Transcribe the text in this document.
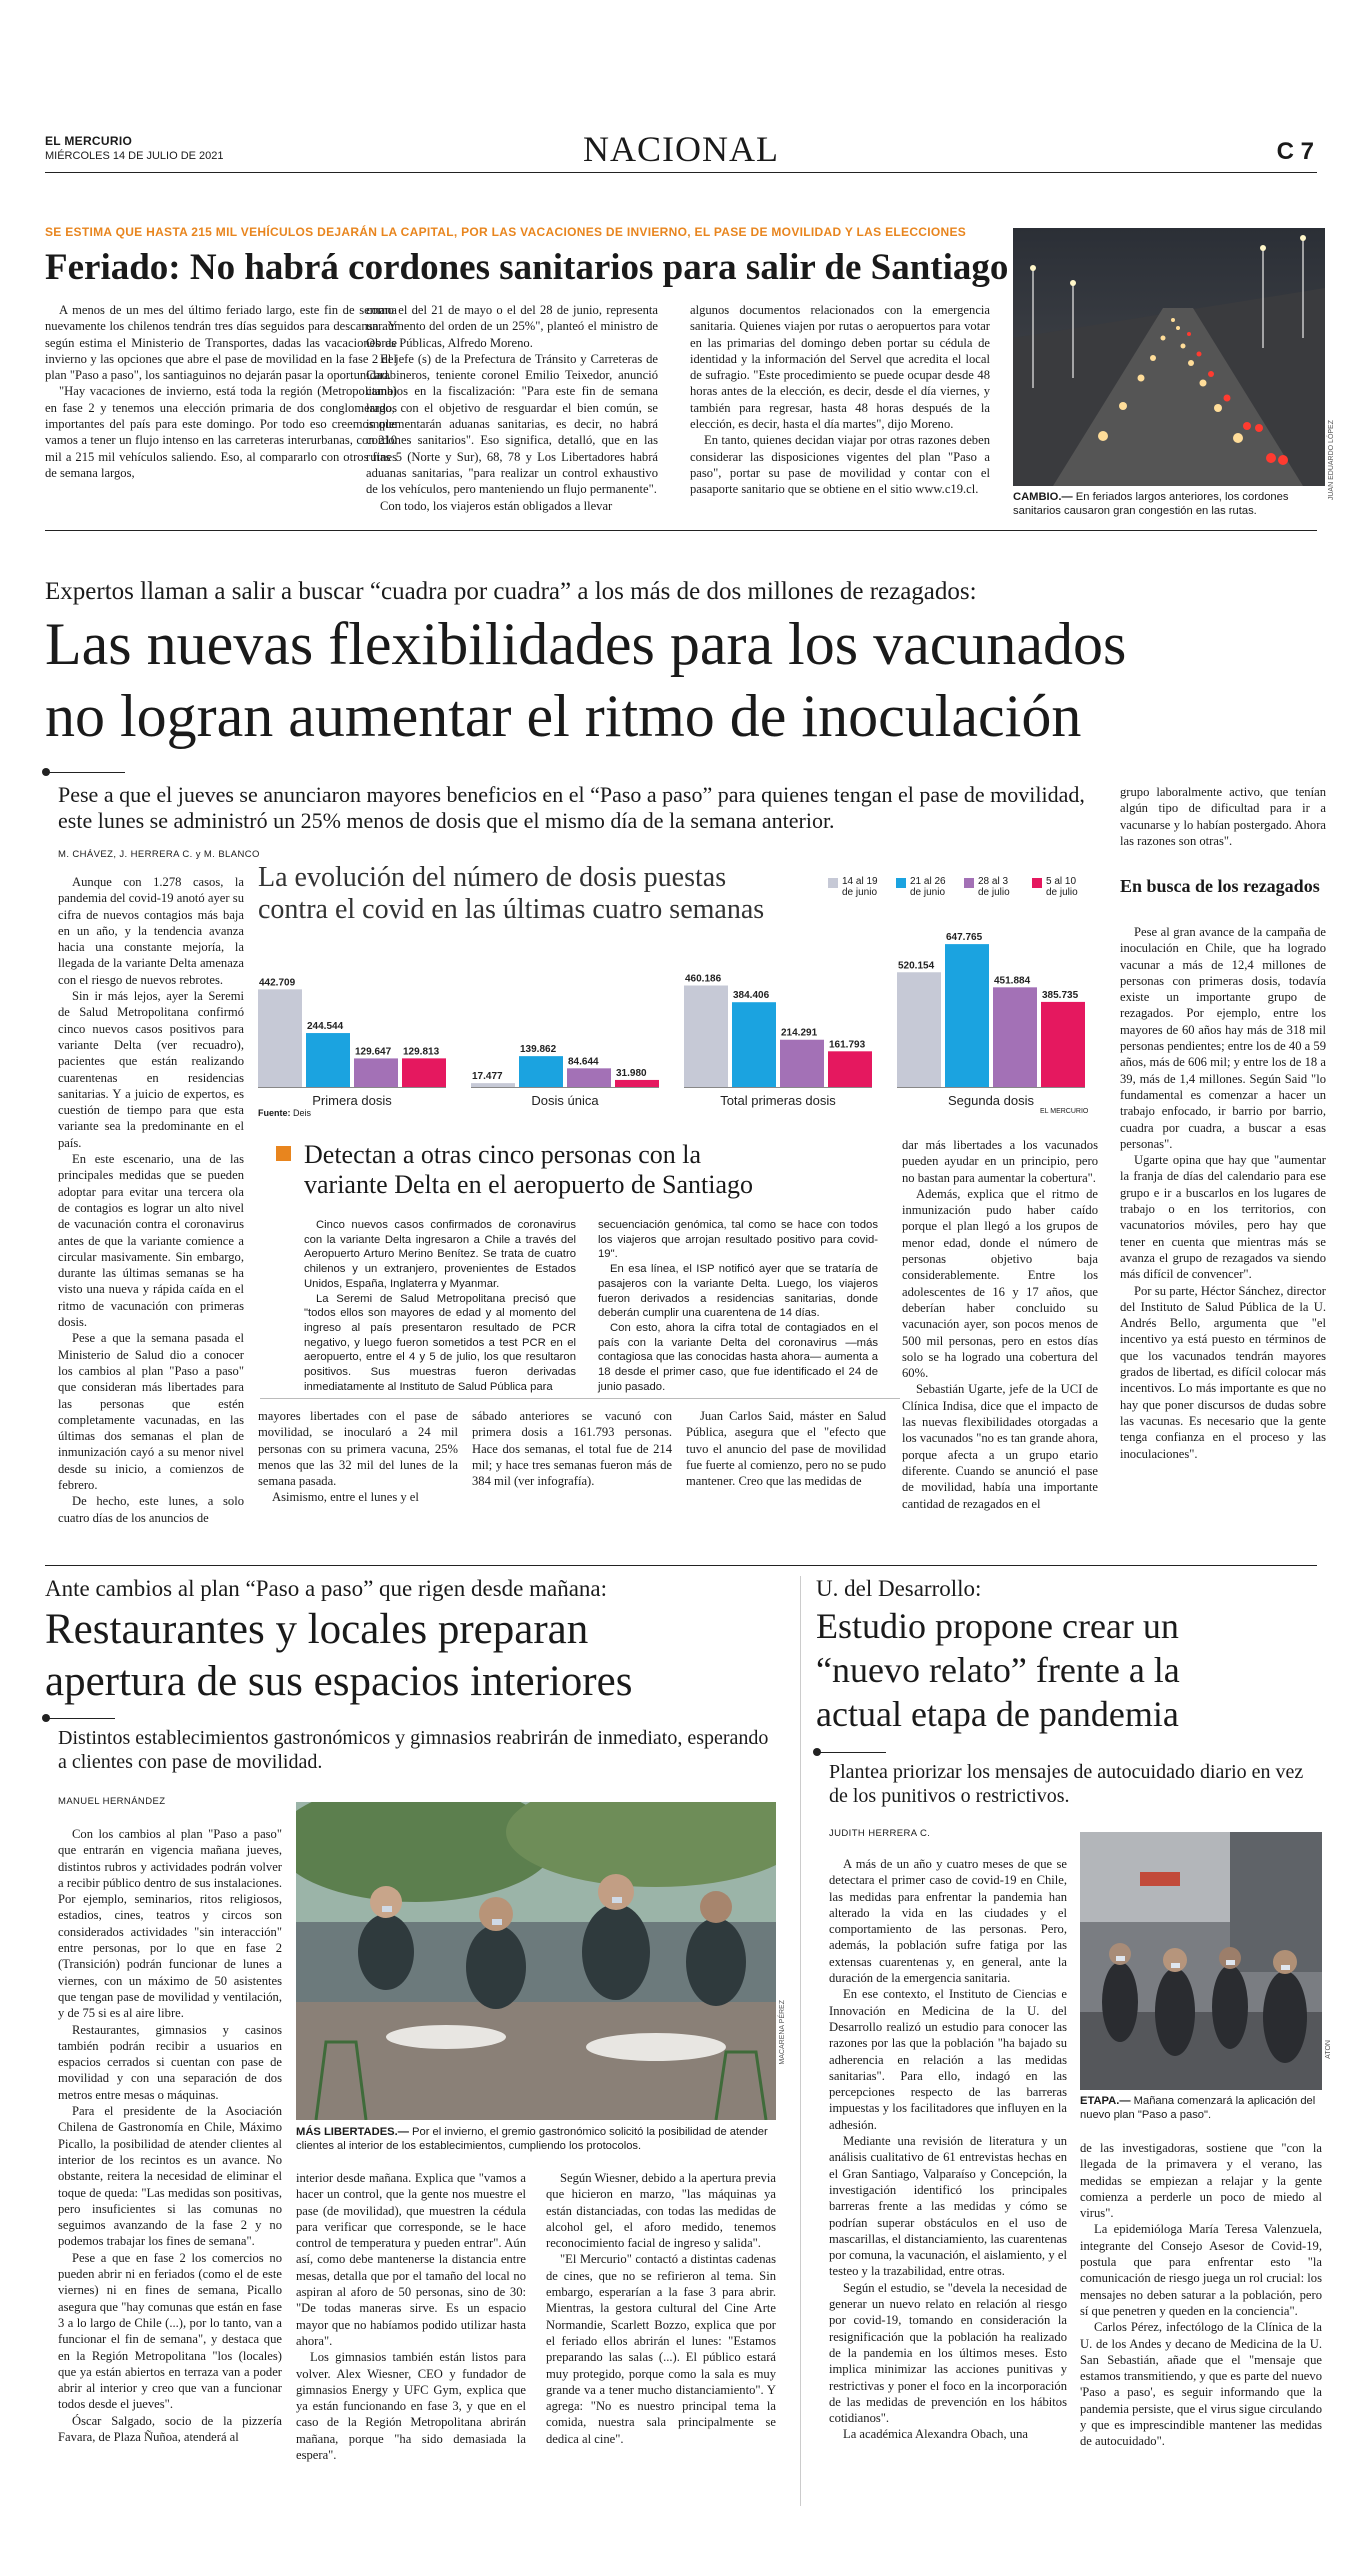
EL MERCURIO
MIÉRCOLES 14 DE JULIO DE 2021	NACIONAL	C 7
SE ESTIMA QUE HASTA 215 MIL VEHÍCULOS DEJARÁN LA CAPITAL, POR LAS VACACIONES DE INVIERNO, EL PASE DE MOVILIDAD Y LAS ELECCIONES
Feriado: No habrá cordones sanitarios para salir de Santiago

A menos de un mes del último feriado largo, este fin de semana nuevamente los chilenos tendrán tres días seguidos para descansar. Y según estima el Ministerio de Transportes, dadas las vacaciones de invierno y las opciones que abre el pase de movilidad en la fase 2 del plan "Paso a paso", los santiaguinos no dejarán pasar la oportunidad.

"Hay vacaciones de invierno, está toda la región (Metropolitana) en fase 2 y tenemos una elección primaria de dos conglomerados importantes del país para este domingo. Por todo eso creemos que vamos a tener un flujo intenso en las carreteras interurbanas, con 210 mil a 215 mil vehículos saliendo. Eso, al compararlo con otros fines de semana largos,

como el del 21 de mayo o el del 28 de junio, representa un aumento del orden de un 25%", planteó el ministro de Obras Públicas, Alfredo Moreno.

El jefe (s) de la Prefectura de Tránsito y Carreteras de Carabineros, teniente coronel Emilio Teixedor, anunció cambios en la fiscalización: "Para este fin de semana largo, con el objetivo de resguardar el bien común, se implementarán aduanas sanitarias, es decir, no habrá cordones sanitarios". Eso significa, detalló, que en las rutas 5 (Norte y Sur), 68, 78 y Los Libertadores habrá aduanas sanitarias, "para realizar un control exhaustivo de los vehículos, pero manteniendo un flujo permanente".

Con todo, los viajeros están obligados a llevar

algunos documentos relacionados con la emergencia sanitaria. Quienes viajen por rutas o aeropuertos para votar en las primarias del domingo deben portar su cédula de identidad y la información del Servel que acredita el local de sufragio. "Este procedimiento se puede ocupar desde 48 horas antes de la elección, es decir, desde el día viernes, y también para regresar, hasta 48 horas después de la elección, es decir, hasta el día martes", dijo Moreno.

En tanto, quienes decidan viajar por otras razones deben considerar las disposiciones vigentes del plan "Paso a paso", portar su pase de movilidad y contar con el pasaporte sanitario que se obtiene en el sitio www.c19.cl.	JUAN EDUARDO LÓPEZ
CAMBIO.— En feriados largos anteriores, los cordones sanitarios causaron gran congestión en las rutas.
Expertos llaman a salir a buscar “cuadra por cuadra” a los más de dos millones de rezagados:
Las nuevas flexibilidades para los vacunados
no logran aumentar el ritmo de inoculación
Pese a que el jueves se anunciaron mayores beneficios en el “Paso a paso” para quienes tengan el pase de movilidad, este lunes se administró un 25% menos de dosis que el mismo día de la semana anterior.
M. CHÁVEZ, J. HERRERA C. y M. BLANCO
La evolución del número de dosis puestas
contra el covid en las últimas cuatro semanas
14 al 19
de junio
21 al 26
de junio
28 al 3
de julio
5 al 10
de julio
442.709
244.544
129.647 129.813
Primera dosis
17.477
139.862
84.644
31.980
Dosis única
460.186
384.406
214.291
161.793
Total primeras dosis
520.154
647.765
451.884
385.735
Segunda dosis
Fuente: Deis	EL MERCURIO

Aunque con 1.278 casos, la pandemia del covid-19 anotó ayer su cifra de nuevos contagios más baja en un año, y la tendencia avanza hacia una constante mejoría, la llegada de la variante Delta amenaza con el riesgo de nuevos rebrotes.

Sin ir más lejos, ayer la Seremi de Salud Metropolitana confirmó cinco nuevos casos positivos para variante Delta (ver recuadro), pacientes que están realizando cuarentenas en residencias sanitarias. Y a juicio de expertos, es cuestión de tiempo para que esta variante sea la predominante en el país.

En este escenario, una de las principales medidas que se pueden adoptar para evitar una tercera ola de contagios es lograr un alto nivel de vacunación contra el coronavirus antes de que la variante comience a circular masivamente. Sin embargo, durante las últimas semanas se ha visto una nueva y rápida caída en el ritmo de vacunación con primeras dosis.

Pese a que la semana pasada el Ministerio de Salud dio a conocer los cambios al plan "Paso a paso" que consideran más libertades para las personas que estén completamente vacunadas, en las últimas dos semanas el plan de inmunización cayó a su menor nivel desde su inicio, a comienzos de febrero.

De hecho, este lunes, a solo cuatro días de los anuncios de

Detectan a otras cinco personas con la
variante Delta en el aeropuerto de Santiago
Cinco nuevos casos confirmados de coronavirus con la variante Delta ingresaron a Chile a través del Aeropuerto Arturo Merino Benítez. Se trata de cuatro chilenos y un extranjero, provenientes de Estados Unidos, España, Inglaterra y Myanmar.
La Seremi de Salud Metropolitana precisó que "todos ellos son mayores de edad y al momento del ingreso al país presentaron resultado de PCR negativo, y luego fueron sometidos a test PCR en el aeropuerto, entre el 4 y 5 de julio, los que resultaron positivos. Sus muestras fueron derivadas inmediatamente al Instituto de Salud Pública para
secuenciación genómica, tal como se hace con todos los viajeros que arrojan resultado positivo para covid-19".
En esa línea, el ISP notificó ayer que se trataría de pasajeros con la variante Delta. Luego, los viajeros fueron derivados a residencias sanitarias, donde deberán cumplir una cuarentena de 14 días.
Con esto, ahora la cifra total de contagiados en el país con la variante Delta del coronavirus —más contagiosa que las conocidas hasta ahora— aumenta a 18 desde el primer caso, que fue identificado el 24 de junio pasado.

mayores libertades con el pase de movilidad, se inocularó a 24 mil personas con su primera vacuna, 25% menos que las 32 mil del lunes de la semana pasada.

Asimismo, entre el lunes y el

sábado anteriores se vacunó con primera dosis a 161.793 personas. Hace dos semanas, el total fue de 214 mil; y hace tres semanas fueron más de 384 mil (ver infografía).

Juan Carlos Said, máster en Salud Pública, asegura que el "efecto que tuvo el anuncio del pase de movilidad fue fuerte al comienzo, pero no se pudo mantener. Creo que las medidas de

dar más libertades a los vacunados pueden ayudar en un principio, pero no bastan para aumentar la cobertura".

Además, explica que el ritmo de inmunización pudo haber caído porque el plan llegó a los grupos de menor edad, donde el número de personas objetivo baja considerablemente. Entre los adolescentes de 16 y 17 años, que deberían haber concluido su vacunación ayer, son pocos menos de 500 mil personas, pero en estos días solo se ha logrado una cobertura del 60%.

Sebastián Ugarte, jefe de la UCI de Clínica Indisa, dice que el impacto de las nuevas flexibilidades otorgadas a los vacunados "no es tan grande ahora, porque afecta a un grupo etario diferente. Cuando se anunció el pase de movilidad, había una importante cantidad de rezagados en el

grupo laboralmente activo, que tenían algún tipo de dificultad para ir a vacunarse y lo habían postergado. Ahora las razones son otras".

En busca de los rezagados

Pese al gran avance de la campaña de inoculación en Chile, que ha logrado vacunar a más de 12,4 millones de personas con primeras dosis, todavía existe un importante grupo de rezagados. Por ejemplo, entre los mayores de 60 años hay más de 318 mil personas pendientes; entre los de 40 a 59 años, más de 606 mil; y entre los de 18 a 39, más de 1,4 millones. Según Said "lo fundamental es comenzar a hacer un trabajo enfocado, ir barrio por barrio, cuadra por cuadra, a buscar a esas personas".

Ugarte opina que hay que "aumentar la franja de días del calendario para ese grupo e ir a buscarlos en los lugares de trabajo o en los territorios, con vacunatorios móviles, pero hay que tener en cuenta que mientras más se avanza el grupo de rezagados va siendo más difícil de convencer".

Por su parte, Héctor Sánchez, director del Instituto de Salud Pública de la U. Andrés Bello, argumenta que "el incentivo ya está puesto en términos de que los vacunados tendrán mayores grados de libertad, es difícil colocar más incentivos. Lo más importante es que no hay que poner discursos de dudas sobre las vacunas. Es necesario que la gente tenga confianza en el proceso y las inoculaciones".

Ante cambios al plan “Paso a paso” que rigen desde mañana:
Restaurantes y locales preparan
apertura de sus espacios interiores
Distintos establecimientos gastronómicos y gimnasios reabrirán de inmediato, esperando a clientes con pase de movilidad.
MANUEL HERNÁNDEZ

Con los cambios al plan "Paso a paso" que entrarán en vigencia mañana jueves, distintos rubros y actividades podrán volver a recibir público dentro de sus instalaciones. Por ejemplo, seminarios, ritos religiosos, estadios, cines, teatros y circos son considerados actividades "sin interacción" entre personas, por lo que en fase 2 (Transición) podrán funcionar de lunes a viernes, con un máximo de 50 asistentes que tengan pase de movilidad y ventilación, y de 75 si es al aire libre.

Restaurantes, gimnasios y casinos también podrán recibir a usuarios en espacios cerrados si cuentan con pase de movilidad y con una separación de dos metros entre mesas o máquinas.

Para el presidente de la Asociación Chilena de Gastronomía en Chile, Máximo Picallo, la posibilidad de atender clientes al interior de los recintos es un avance. No obstante, reitera la necesidad de eliminar el toque de queda: "Las medidas son positivas, pero insuficientes si las comunas no seguimos avanzando de la fase 2 y no podemos trabajar los fines de semana".

Pese a que en fase 2 los comercios no pueden abrir ni en feriados (como el de este viernes) ni en fines de semana, Picallo asegura que "hay comunas que están en fase 3 a lo largo de Chile (...), por lo tanto, van a funcionar el fin de semana", y destaca que en la Región Metropolitana "los (locales) que ya están abiertos en terraza van a poder abrir al interior y creo que van a funcionar todos desde el jueves".

Óscar Salgado, socio de la pizzería Favara, de Plaza Ñuñoa, atenderá al

MACARENA PÉREZ
MÁS LIBERTADES.— Por el invierno, el gremio gastronómico solicitó la posibilidad de atender clientes al interior de los establecimientos, cumpliendo los protocolos.

interior desde mañana. Explica que "vamos a hacer un control, que la gente nos muestre el pase (de movilidad), que muestren la cédula para verificar que corresponde, se le hace control de temperatura y pueden entrar". Aún así, como debe mantenerse la distancia entre mesas, detalla que por el tamaño del local no aspiran al aforo de 50 personas, sino de 30: "De todas maneras sirve. Es un espacio mayor que no habíamos podido utilizar hasta ahora".

Los gimnasios también están listos para volver. Alex Wiesner, CEO y fundador de gimnasios Energy y UFC Gym, explica que ya están funcionando en fase 3, y que en el caso de la Región Metropolitana abrirán mañana, porque "ha sido demasiada la espera".

Según Wiesner, debido a la apertura previa que hicieron en marzo, "las máquinas ya están distanciadas, con todas las medidas de alcohol gel, el aforo medido, tenemos reconocimiento facial de ingreso y salida".

"El Mercurio" contactó a distintas cadenas de cines, que no se refirieron al tema. Sin embargo, esperarían a la fase 3 para abrir. Mientras, la gestora cultural del Cine Arte Normandie, Scarlett Bozzo, explica que por el feriado ellos abrirán el lunes: "Estamos preparando las salas (...). El público estará muy protegido, porque como la sala es muy grande va a tener mucho distanciamiento". Y agrega: "No es nuestro principal tema la comida, nuestra sala principalmente se dedica al cine".

U. del Desarrollo:
Estudio propone crear un
“nuevo relato” frente a la
actual etapa de pandemia
Plantea priorizar los mensajes de autocuidado diario en vez de los punitivos o restrictivos.
JUDITH HERRERA C.

A más de un año y cuatro meses de que se detectara el primer caso de covid-19 en Chile, las medidas para enfrentar la pandemia han alterado la vida en las ciudades y el comportamiento de las personas. Pero, además, la población sufre fatiga por las extensas cuarentenas y, en general, ante la duración de la emergencia sanitaria.

En ese contexto, el Instituto de Ciencias e Innovación en Medicina de la U. del Desarrollo realizó un estudio para conocer las razones por las que la población "ha bajado su adherencia en relación a las medidas sanitarias". Para ello, indagó en las percepciones respecto de las barreras impuestas y los facilitadores que influyen en la adhesión.

Mediante una revisión de literatura y un análisis cualitativo de 61 entrevistas hechas en el Gran Santiago, Valparaíso y Concepción, la investigación identificó los principales barreras frente a las medidas y cómo se podrían superar obstáculos en el uso de mascarillas, el distanciamiento, las cuarentenas por comuna, la vacunación, el aislamiento, y el testeo y la trazabilidad, entre otras.

Según el estudio, se "devela la necesidad de generar un nuevo relato en relación al riesgo por covid-19, tomando en consideración la resignificación que la población ha realizado de la pandemia en los últimos meses. Esto implica minimizar las acciones punitivas y restrictivas y poner el foco en la incorporación de las medidas de prevención en los hábitos cotidianos".

La académica Alexandra Obach, una

ATON
ETAPA.— Mañana comenzará la aplicación del nuevo plan "Paso a paso".

de las investigadoras, sostiene que "con la llegada de la primavera y el verano, las medidas se empiezan a relajar y la gente comienza a perderle un poco de miedo al virus".

La epidemióloga María Teresa Valenzuela, integrante del Consejo Asesor de Covid-19, postula que para enfrentar esto "la comunicación de riesgo juega un rol crucial: los mensajes no deben saturar a la población, pero sí que penetren y queden en la conciencia".

Carlos Pérez, infectólogo de la Clínica de la U. de los Andes y decano de Medicina de la U. San Sebastián, añade que el "mensaje que estamos transmitiendo, y que es parte del nuevo 'Paso a paso', es seguir informando que la pandemia persiste, que el virus sigue circulando y que es imprescindible mantener las medidas de autocuidado".
